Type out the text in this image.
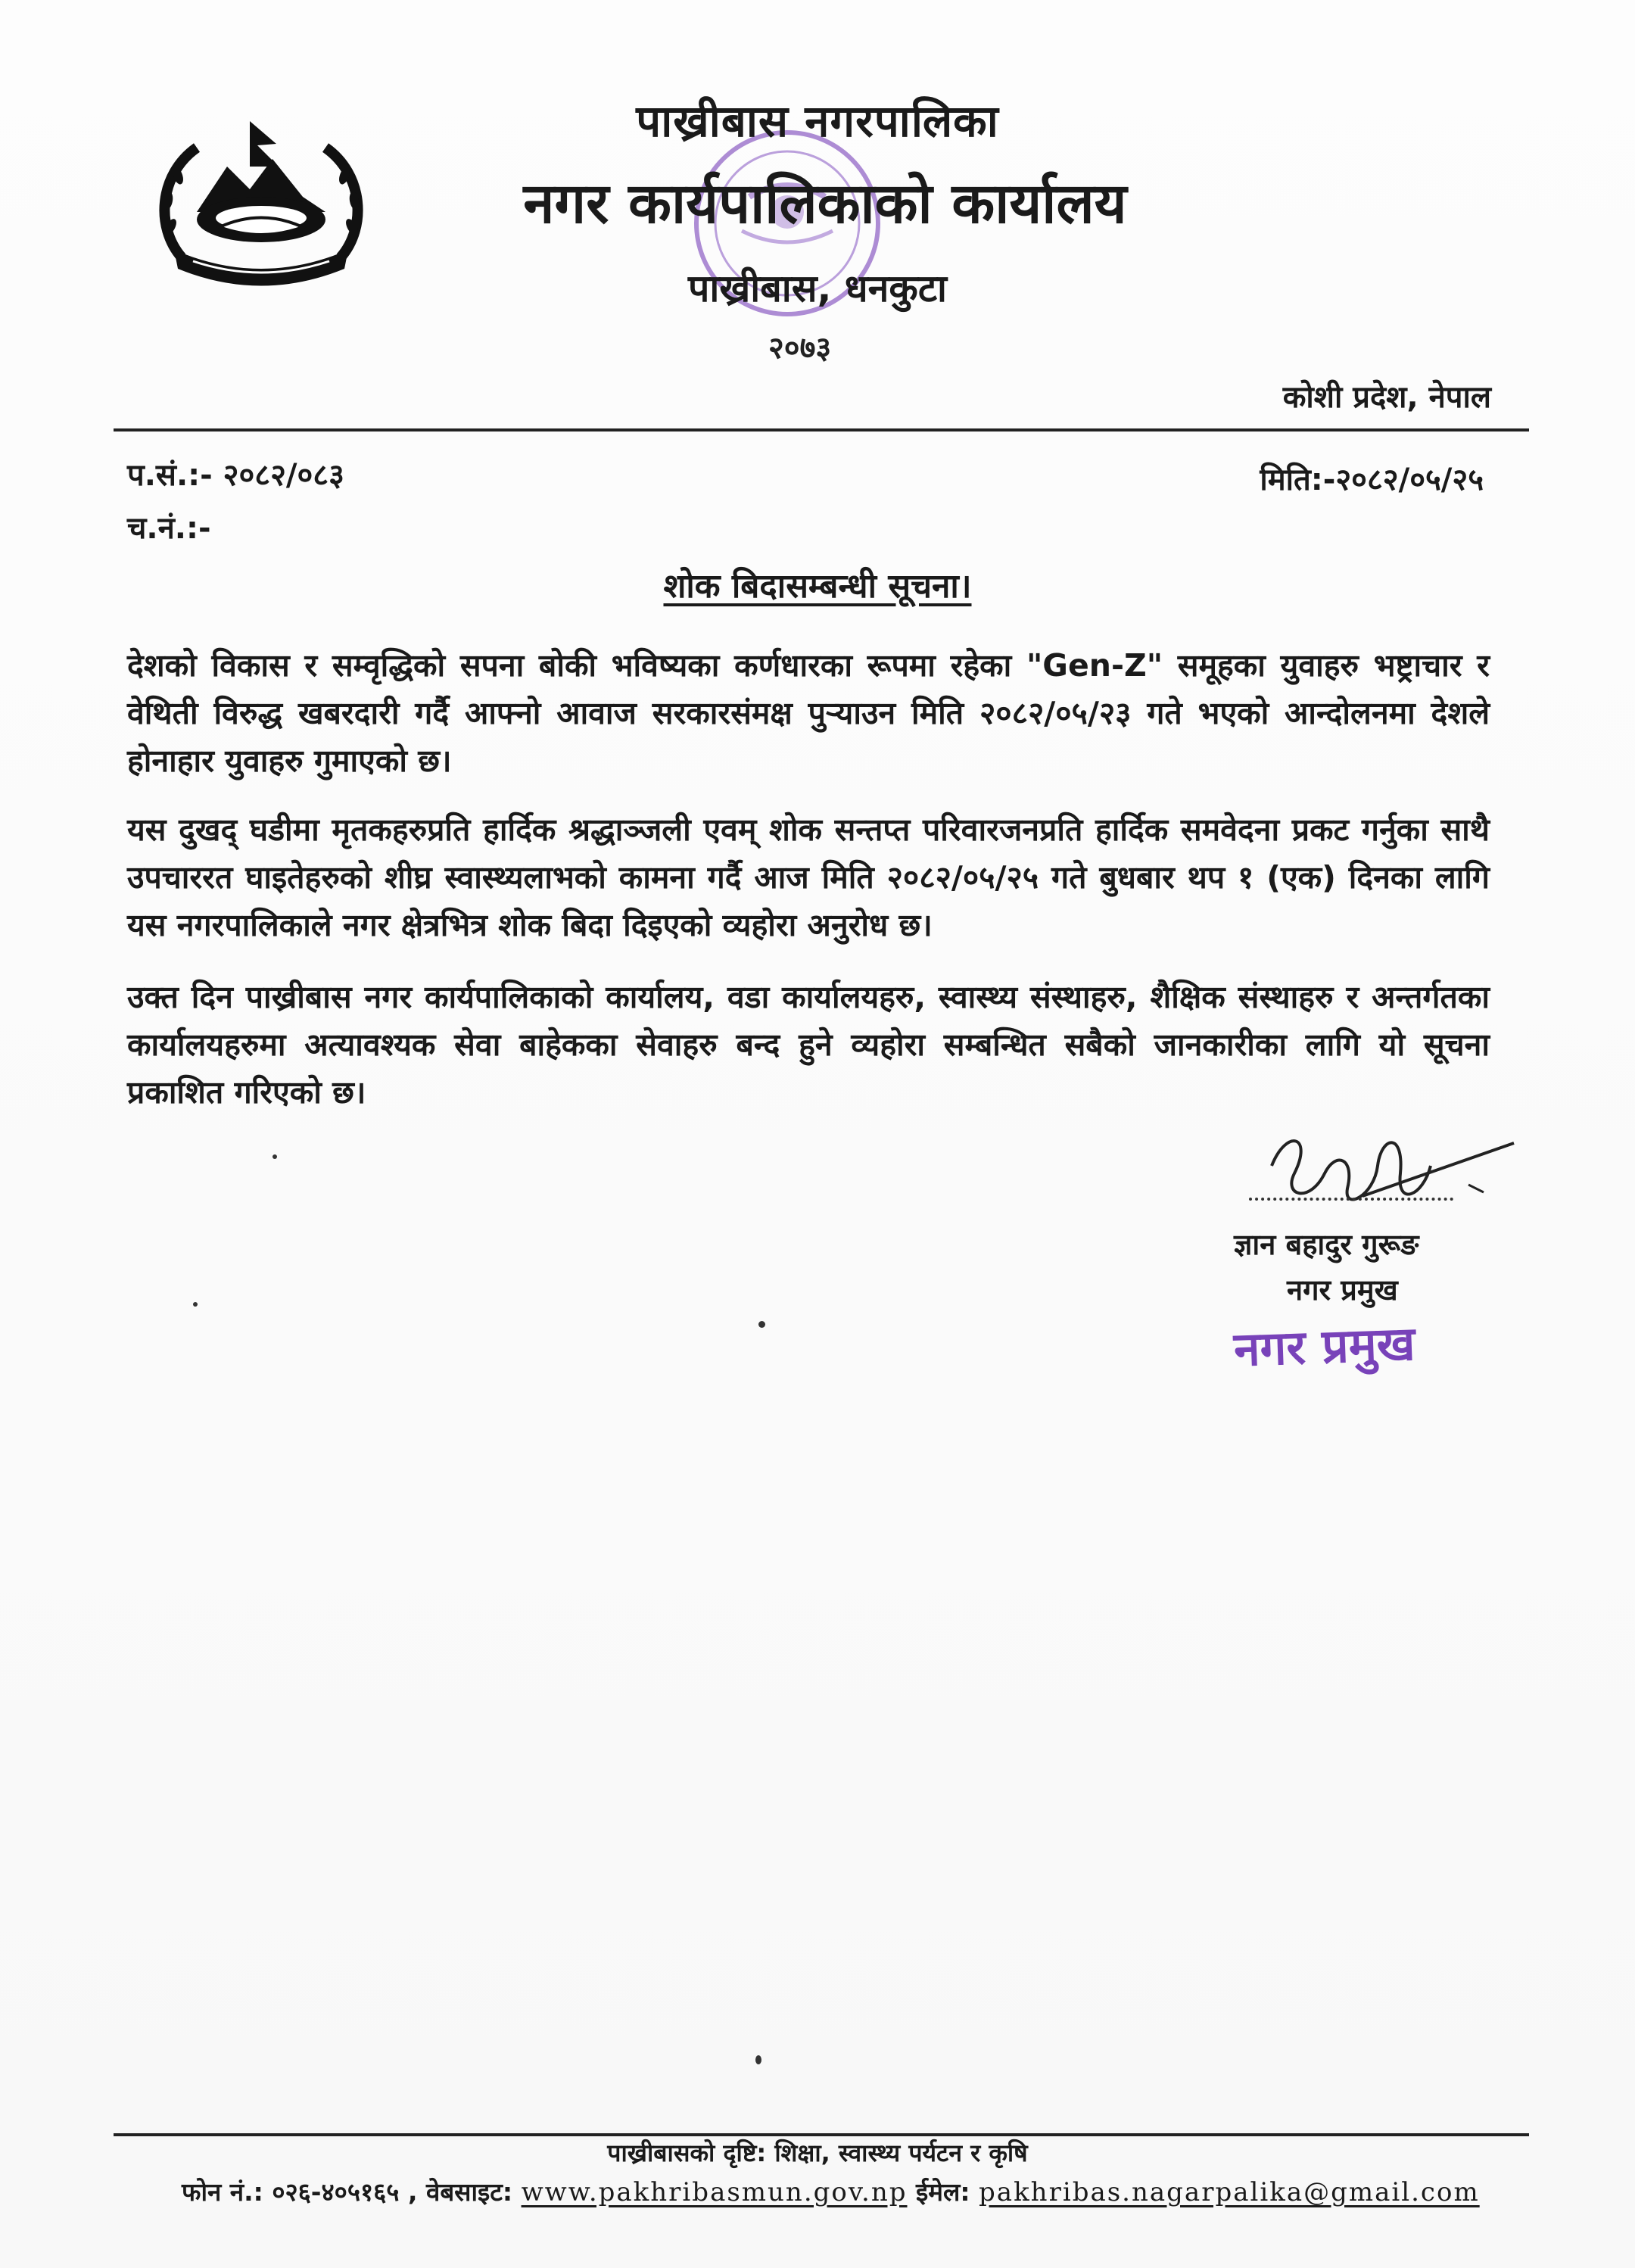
पाख्रीबास नगरपालिका
नगर कार्यपालिकाको कार्यालय
पाख्रीबास, धनकुटा
२०७३
कोशी प्रदेश, नेपाल
प.सं.:- २०८२/०८३
च.नं.:-
मिति:-२०८२/०५/२५
शोक बिदासम्बन्धी सूचना।
देशको विकास र सम्वृद्धिको सपना बोकी भविष्यका कर्णधारका रूपमा रहेका "Gen-Z" समूहका युवाहरु भष्ट्राचार र वेथिती विरुद्ध खबरदारी गर्दै आफ्नो आवाज सरकारसंमक्ष पुऱ्याउन मिति २०८२/०५/२३ गते भएको आन्दोलनमा देशले होनाहार युवाहरु गुमाएको छ।
यस दुखद् घडीमा मृतकहरुप्रति हार्दिक श्रद्धाञ्जली एवम् शोक सन्तप्त परिवारजनप्रति हार्दिक समवेदना प्रकट गर्नुका साथै उपचाररत घाइतेहरुको शीघ्र स्वास्थ्यलाभको कामना गर्दै आज मिति २०८२/०५/२५ गते बुधबार थप १ (एक) दिनका लागि यस नगरपालिकाले नगर क्षेत्रभित्र शोक बिदा दिइएको व्यहोरा अनुरोध छ।
उक्त दिन पाख्रीबास नगर कार्यपालिकाको कार्यालय, वडा कार्यालयहरु, स्वास्थ्य संस्थाहरु, शैक्षिक संस्थाहरु र अन्तर्गतका कार्यालयहरुमा अत्यावश्यक सेवा बाहेकका सेवाहरु बन्द हुने व्यहोरा सम्बन्धित सबैको जानकारीका लागि यो सूचना प्रकाशित गरिएको छ।
ज्ञान बहादुर गुरूङ
नगर प्रमुख
नगर प्रमुख
पाख्रीबासको दृष्टि: शिक्षा, स्वास्थ्य पर्यटन र कृषि
फोन नं.: ०२६-४०५१६५ , वेबसाइट: www.pakhribasmun.gov.np ईमेल: pakhribas.nagarpalika@gmail.com
